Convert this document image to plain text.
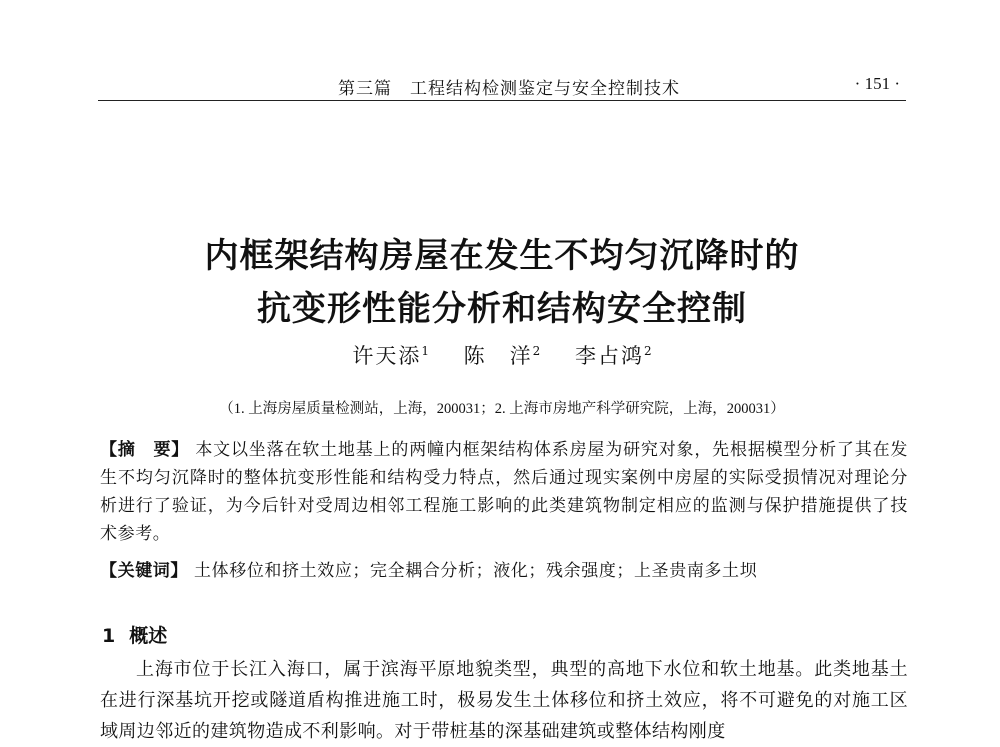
第三篇　工程结构检测鉴定与安全控制技术	· 151 ·
内框架结构房屋在发生不均匀沉降时的
抗变形性能分析和结构安全控制
许天添$^1$ 陈　洋$^2$ 李占鸿$^2$
（1. 上海房屋质量检测站，上海，200031；2. 上海市房地产科学研究院，上海，200031）
【摘　要】 本文以坐落在软土地基上的两幢内框架结构体系房屋为研究对象，先根据模型分析了其在发生不均匀沉降时的整体抗变形性能和结构受力特点，然后通过现实案例中房屋的实际受损情况对理论分析进行了验证，为今后针对受周边相邻工程施工影响的此类建筑物制定相应的监测与保护措施提供了技术参考。
【关键词】 土体移位和挤土效应；完全耦合分析；液化；残余强度；上圣贵南多土坝
1 概述
上海市位于长江入海口，属于滨海平原地貌类型，典型的高地下水位和软土地基。此类地基土在进行深基坑开挖或隧道盾构推进施工时，极易发生土体移位和挤土效应，将不可避免的对施工区域周边邻近的建筑物造成不利影响。对于带桩基的深基础建筑或整体结构刚度
